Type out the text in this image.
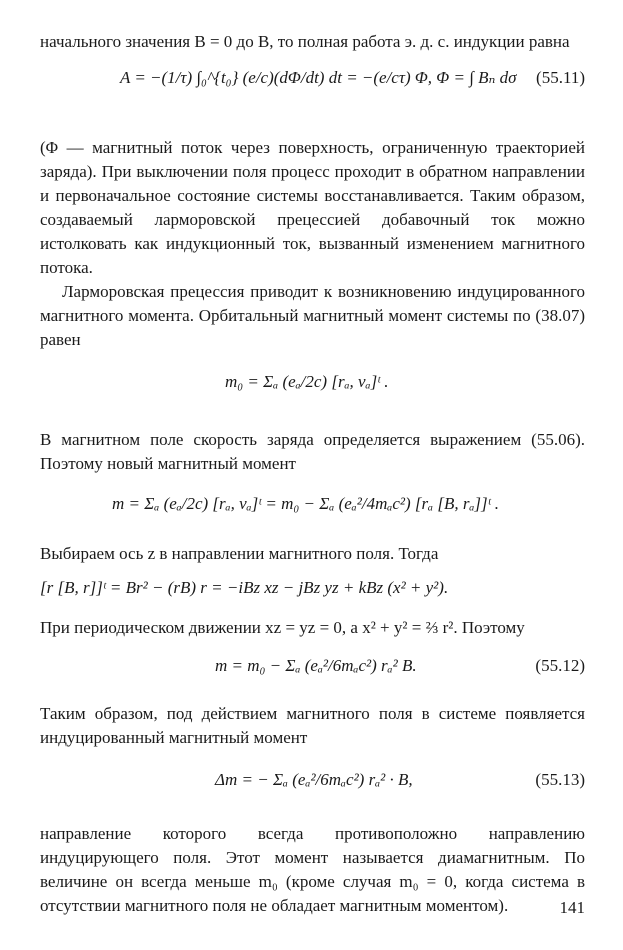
начального значения B = 0 до B, то полная работа э. д. с. индукции равна

A = −(1/τ) ∫₀^{t₀} (e/c)(dΦ/dt) dt = −(e/cτ) Φ, Φ = ∫ Bₙ dσ (55.11)

(Φ — магнитный поток через поверхность, ограниченную траекторией заряда). При выключении поля процесс проходит в обратном направлении и первоначальное состояние системы восстанавливается. Таким образом, создаваемый ларморовской прецессией добавочный ток можно истолковать как индукционный ток, вызванный изменением магнитного потока.

Ларморовская прецессия приводит к возникновению индуцированного магнитного момента. Орбитальный магнитный момент системы по (38.07) равен

m₀ = Σₐ (eₐ/2c) [rₐ, vₐ]ᵗ .

В магнитном поле скорость заряда определяется выражением (55.06). Поэтому новый магнитный момент

m = Σₐ (eₐ/2c) [rₐ, vₐ]ᵗ = m₀ − Σₐ (eₐ²/4mₐc²) [rₐ [B, rₐ]]ᵗ .

Выбираем ось z в направлении магнитного поля. Тогда

[r [B, r]]ᵗ = Br² − (rB) r = −iBz xz − jBz yz + kBz (x² + y²).

При периодическом движении xz = yz = 0, а x² + y² = ⅔ r². Поэтому

m = m₀ − Σₐ (eₐ²/6mₐc²) rₐ² B.	(55.12)

Таким образом, под действием магнитного поля в системе появляется индуцированный магнитный момент

Δm = − Σₐ (eₐ²/6mₐc²) rₐ² · B,	(55.13)

направление которого всегда противоположно направлению индуцирующего поля. Этот момент называется диамагнитным. По величине он всегда меньше m₀ (кроме случая m₀ = 0, когда система в отсутствии магнитного поля не обладает магнитным моментом).	141
